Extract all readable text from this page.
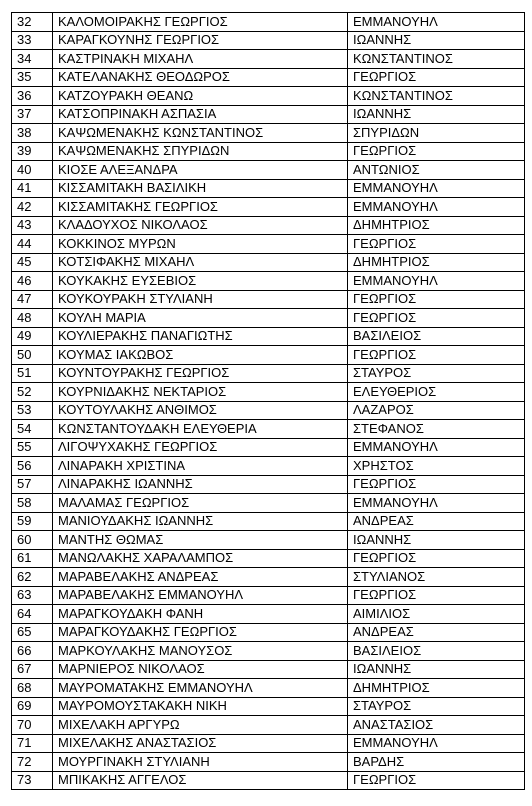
32	ΚΑΛΟΜΟΙΡΑΚΗΣ ΓΕΩΡΓΙΟΣ	ΕΜΜΑΝΟΥΗΛ
33	ΚΑΡΑΓΚΟΥΝΗΣ ΓΕΩΡΓΙΟΣ	ΙΩΑΝΝΗΣ
34	ΚΑΣΤΡΙΝΑΚΗ ΜΙΧΑΗΛ	ΚΩΝΣΤΑΝΤΙΝΟΣ
35	ΚΑΤΕΛΑΝΑΚΗΣ ΘΕΟΔΩΡΟΣ	ΓΕΩΡΓΙΟΣ
36	ΚΑΤΖΟΥΡΑΚΗ ΘΕΑΝΩ	ΚΩΝΣΤΑΝΤΙΝΟΣ
37	ΚΑΤΣΟΠΡΙΝΑΚΗ ΑΣΠΑΣΙΑ	ΙΩΑΝΝΗΣ
38	ΚΑΨΩΜΕΝΑΚΗΣ ΚΩΝΣΤΑΝΤΙΝΟΣ	ΣΠΥΡΙΔΩΝ
39	ΚΑΨΩΜΕΝΑΚΗΣ ΣΠΥΡΙΔΩΝ	ΓΕΩΡΓΙΟΣ
40	ΚΙΟΣΕ ΑΛΕΞΑΝΔΡΑ	ΑΝΤΩΝΙΟΣ
41	ΚΙΣΣΑΜΙΤΑΚΗ ΒΑΣΙΛΙΚΗ	ΕΜΜΑΝΟΥΗΛ
42	ΚΙΣΣΑΜΙΤΑΚΗΣ ΓΕΩΡΓΙΟΣ	ΕΜΜΑΝΟΥΗΛ
43	ΚΛΑΔΟΥΧΟΣ ΝΙΚΟΛΑΟΣ	ΔΗΜΗΤΡΙΟΣ
44	ΚΟΚΚΙΝΟΣ ΜΥΡΩΝ	ΓΕΩΡΓΙΟΣ
45	ΚΟΤΣΙΦΑΚΗΣ ΜΙΧΑΗΛ	ΔΗΜΗΤΡΙΟΣ
46	ΚΟΥΚΑΚΗΣ ΕΥΣΕΒΙΟΣ	ΕΜΜΑΝΟΥΗΛ
47	ΚΟΥΚΟΥΡΑΚΗ ΣΤΥΛΙΑΝΗ	ΓΕΩΡΓΙΟΣ
48	ΚΟΥΛΗ ΜΑΡΙΑ	ΓΕΩΡΓΙΟΣ
49	ΚΟΥΛΙΕΡΑΚΗΣ ΠΑΝΑΓΙΩΤΗΣ	ΒΑΣΙΛΕΙΟΣ
50	ΚΟΥΜΑΣ ΙΑΚΩΒΟΣ	ΓΕΩΡΓΙΟΣ
51	ΚΟΥΝΤΟΥΡΑΚΗΣ ΓΕΩΡΓΙΟΣ	ΣΤΑΥΡΟΣ
52	ΚΟΥΡΝΙΔΑΚΗΣ ΝΕΚΤΑΡΙΟΣ	ΕΛΕΥΘΕΡΙΟΣ
53	ΚΟΥΤΟΥΛΑΚΗΣ ΑΝΘΙΜΟΣ	ΛΑΖΑΡΟΣ
54	ΚΩΝΣΤΑΝΤΟΥΔΑΚΗ ΕΛΕΥΘΕΡΙΑ	ΣΤΕΦΑΝΟΣ
55	ΛΙΓΟΨΥΧΑΚΗΣ ΓΕΩΡΓΙΟΣ	ΕΜΜΑΝΟΥΗΛ
56	ΛΙΝΑΡΑΚΗ ΧΡΙΣΤΙΝΑ	ΧΡΗΣΤΟΣ
57	ΛΙΝΑΡΑΚΗΣ ΙΩΑΝΝΗΣ	ΓΕΩΡΓΙΟΣ
58	ΜΑΛΑΜΑΣ ΓΕΩΡΓΙΟΣ	ΕΜΜΑΝΟΥΗΛ
59	ΜΑΝΙΟΥΔΑΚΗΣ ΙΩΑΝΝΗΣ	ΑΝΔΡΕΑΣ
60	ΜΑΝΤΗΣ ΘΩΜΑΣ	ΙΩΑΝΝΗΣ
61	ΜΑΝΩΛΑΚΗΣ ΧΑΡΑΛΑΜΠΟΣ	ΓΕΩΡΓΙΟΣ
62	ΜΑΡΑΒΕΛΑΚΗΣ ΑΝΔΡΕΑΣ	ΣΤΥΛΙΑΝΟΣ
63	ΜΑΡΑΒΕΛΑΚΗΣ ΕΜΜΑΝΟΥΗΛ	ΓΕΩΡΓΙΟΣ
64	ΜΑΡΑΓΚΟΥΔΑΚΗ ΦΑΝΗ	ΑΙΜΙΛΙΟΣ
65	ΜΑΡΑΓΚΟΥΔΑΚΗΣ ΓΕΩΡΓΙΟΣ	ΑΝΔΡΕΑΣ
66	ΜΑΡΚΟΥΛΑΚΗΣ ΜΑΝΟΥΣΟΣ	ΒΑΣΙΛΕΙΟΣ
67	ΜΑΡΝΙΕΡΟΣ ΝΙΚΟΛΑΟΣ	ΙΩΑΝΝΗΣ
68	ΜΑΥΡΟΜΑΤΑΚΗΣ ΕΜΜΑΝΟΥΗΛ	ΔΗΜΗΤΡΙΟΣ
69	ΜΑΥΡΟΜΟΥΣΤΑΚΑΚΗ ΝΙΚΗ	ΣΤΑΥΡΟΣ
70	ΜΙΧΕΛΑΚΗ ΑΡΓΥΡΩ	ΑΝΑΣΤΑΣΙΟΣ
71	ΜΙΧΕΛΑΚΗΣ ΑΝΑΣΤΑΣΙΟΣ	ΕΜΜΑΝΟΥΗΛ
72	ΜΟΥΡΓΙΝΑΚΗ ΣΤΥΛΙΑΝΗ	ΒΑΡΔΗΣ
73	ΜΠΙΚΑΚΗΣ ΑΓΓΕΛΟΣ	ΓΕΩΡΓΙΟΣ
